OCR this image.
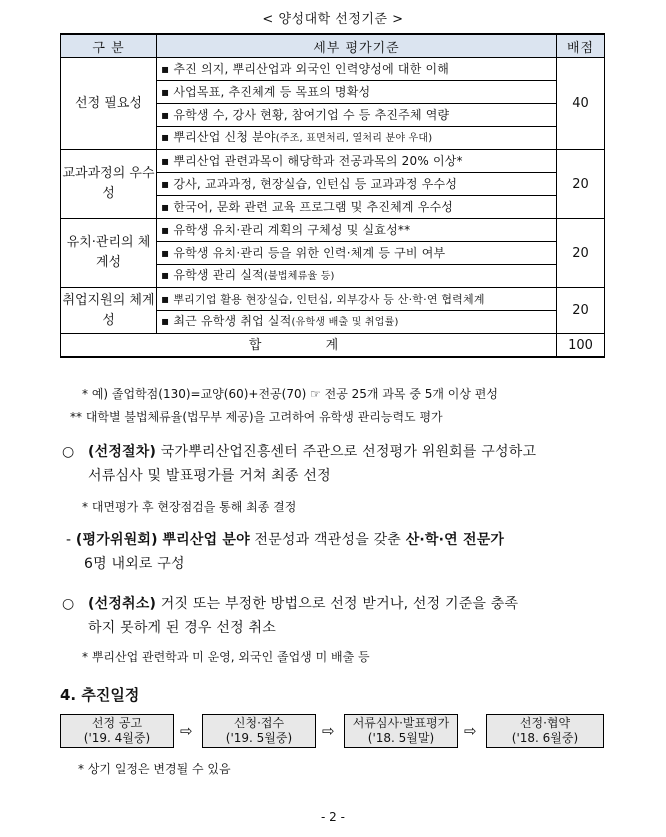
< 양성대학 선정기준 >
구 분	세부 평가기준	배점
선정 필요성	▪ 추진 의지, 뿌리산업과 외국인 인력양성에 대한 이해	40
	▪ 사업목표, 추진체계 등 목표의 명확성	
	▪ 유학생 수, 강사 현황, 참여기업 수 등 추진주체 역량	
	▪ 뿌리산업 신청 분야(주조, 표면처리, 열처리 분야 우대)	
교과과정의 우수성	▪ 뿌리산업 관련과목이 해당학과 전공과목의 20% 이상*	20
	▪ 강사, 교과과정, 현장실습, 인턴십 등 교과과정 우수성	
	▪ 한국어, 문화 관련 교육 프로그램 및 추진체계 우수성	
유치·관리의 체계성	▪ 유학생 유치·관리 계획의 구체성 및 실효성**	20
	▪ 유학생 유치·관리 등을 위한 인력·체계 등 구비 여부	
	▪ 유학생 관리 실적(불법체류율 등)	
취업지원의 체계성	▪ 뿌리기업 활용 현장실습, 인턴십, 외부강사 등 산·학·연 협력체계	20
	▪ 최근 유학생 취업 실적(유학생 배출 및 취업률)	
합 계		100
* 예) 졸업학점(130)=교양(60)+전공(70) ☞ 전공 25개 과목 중 5개 이상 편성
** 대학별 불법체류율(법무부 제공)을 고려하여 유학생 관리능력도 평가
○ (선정절차) 국가뿌리산업진흥센터 주관으로 선정평가 위원회를 구성하고
서류심사 및 발표평가를 거쳐 최종 선정
* 대면평가 후 현장점검을 통해 최종 결정
- (평가위원회) 뿌리산업 분야 전문성과 객관성을 갖춘 산·학·연 전문가
6명 내외로 구성
○ (선정취소) 거짓 또는 부정한 방법으로 선정 받거나, 선정 기준을 충족
하지 못하게 된 경우 선정 취소
* 뿌리산업 관련학과 미 운영, 외국인 졸업생 미 배출 등
4. 추진일정
선정 공고
('19. 4월중)	⇨	신청·접수
('19. 5월중)	⇨	서류심사·발표평가
('18. 5월말)	⇨	선정·협약
('18. 6월중)
* 상기 일정은 변경될 수 있음
- 2 -
